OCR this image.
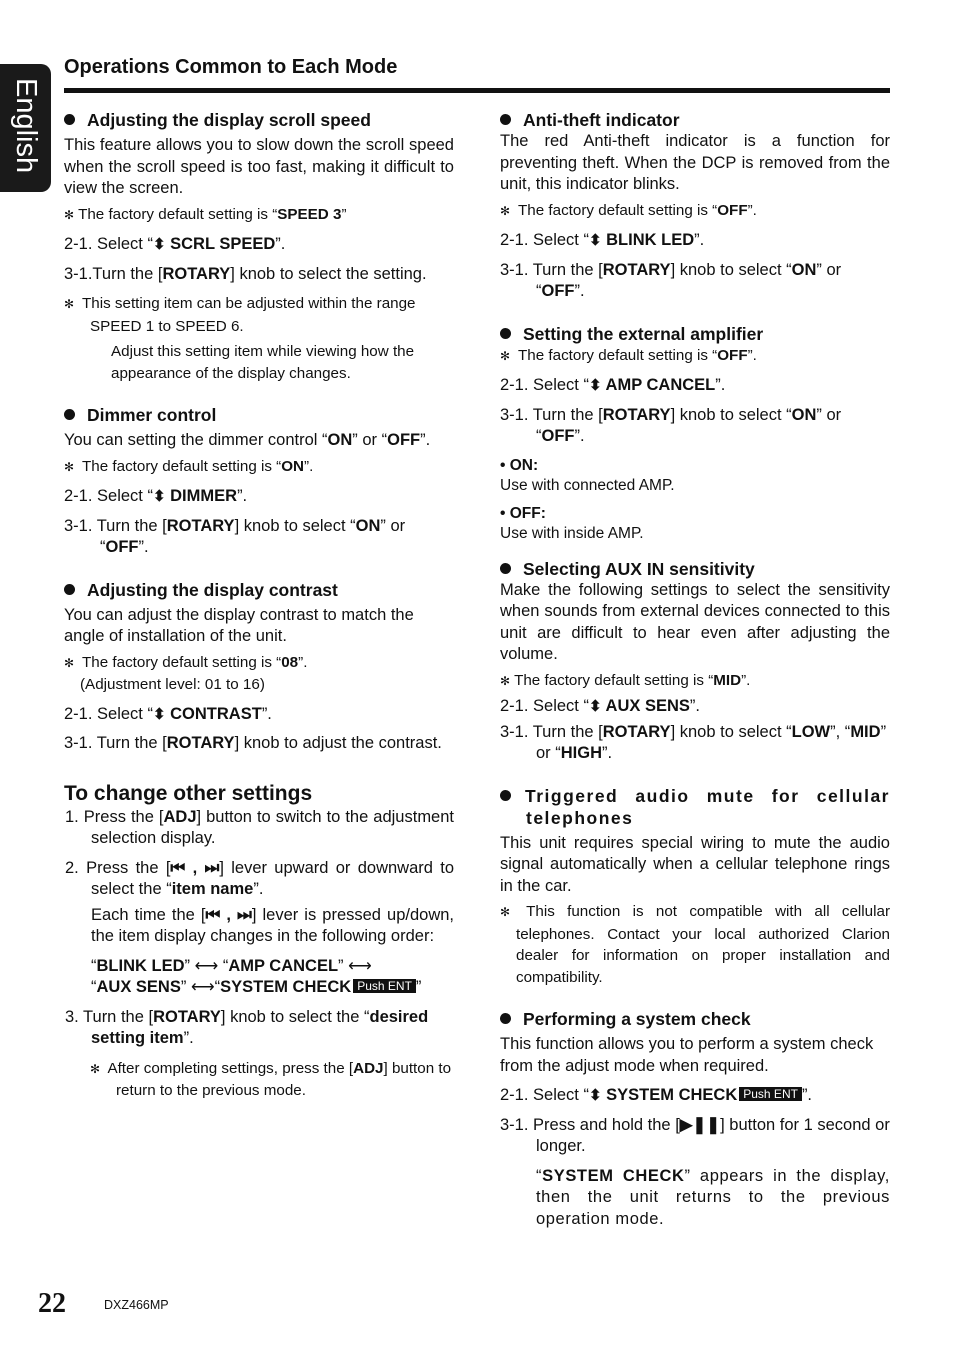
English
Operations Common to Each Mode
Adjusting the display scroll speed

This feature allows you to slow down the scroll speed when the scroll speed is too fast, making it difficult to view the screen.

✻ The factory default setting is “SPEED 3”

2-1. Select “⬍ SCRL SPEED”.

3-1.Turn the [ROTARY] knob to select the setting.

✻ This setting item can be adjusted within the range SPEED 1 to SPEED 6.

Adjust this setting item while viewing how the appearance of the display changes.

Dimmer control

You can setting the dimmer control “ON” or “OFF”.

✻ The factory default setting is “ON”.

2-1. Select “⬍ DIMMER”.

3-1. Turn the [ROTARY] knob to select “ON” or “OFF”.

Adjusting the display contrast

You can adjust the display contrast to match the angle of installation of the unit.

✻ The factory default setting is “08”.

(Adjustment level: 01 to 16)

2-1. Select “⬍ CONTRAST”.

3-1. Turn the [ROTARY] knob to adjust the contrast.

To change other settings

1. Press the [ADJ] button to switch to the adjustment selection display.

2. Press the [⏮ , ⏭] lever upward or downward to select the “item name”.

Each time the [⏮ , ⏭] lever is pressed up/down, the item display changes in the following order:

“BLINK LED” ⟷ “AMP CANCEL” ⟷

“AUX SENS” ⟷“SYSTEM CHECK Push ENT ”

3. Turn the [ROTARY] knob to select the “desired setting item”.

✻ After completing settings, press the [ADJ] button to return to the previous mode.

Anti-theft indicator

The red Anti-theft indicator is a function for preventing theft. When the DCP is removed from the unit, this indicator blinks.

✻ The factory default setting is “OFF”.

2-1. Select “⬍ BLINK LED”.

3-1. Turn the [ROTARY] knob to select “ON” or “OFF”.

Setting the external amplifier

✻ The factory default setting is “OFF”.

2-1. Select “⬍ AMP CANCEL”.

3-1. Turn the [ROTARY] knob to select “ON” or “OFF”.

• ON:

Use with connected AMP.

• OFF:

Use with inside AMP.

Selecting AUX IN sensitivity

Make the following settings to select the sensitivity when sounds from external devices connected to this unit are difficult to hear even after adjusting the volume.

✻ The factory default setting is “MID”.

2-1. Select “⬍ AUX SENS”.

3-1. Turn the [ROTARY] knob to select “LOW”, “MID” or “HIGH”.

Triggered audio mute for cellular telephones

This unit requires special wiring to mute the audio signal automatically when a cellular telephone rings in the car.

✻ This function is not compatible with all cellular telephones. Contact your local authorized Clarion dealer for information on proper installation and compatibility.

Performing a system check

This function allows you to perform a system check from the adjust mode when required.

2-1. Select “⬍ SYSTEM CHECK Push ENT ”.

3-1. Press and hold the [▶❚❚] button for 1 second or longer.

“SYSTEM CHECK” appears in the display, then the unit returns to the previous operation mode.

22	DXZ466MP
